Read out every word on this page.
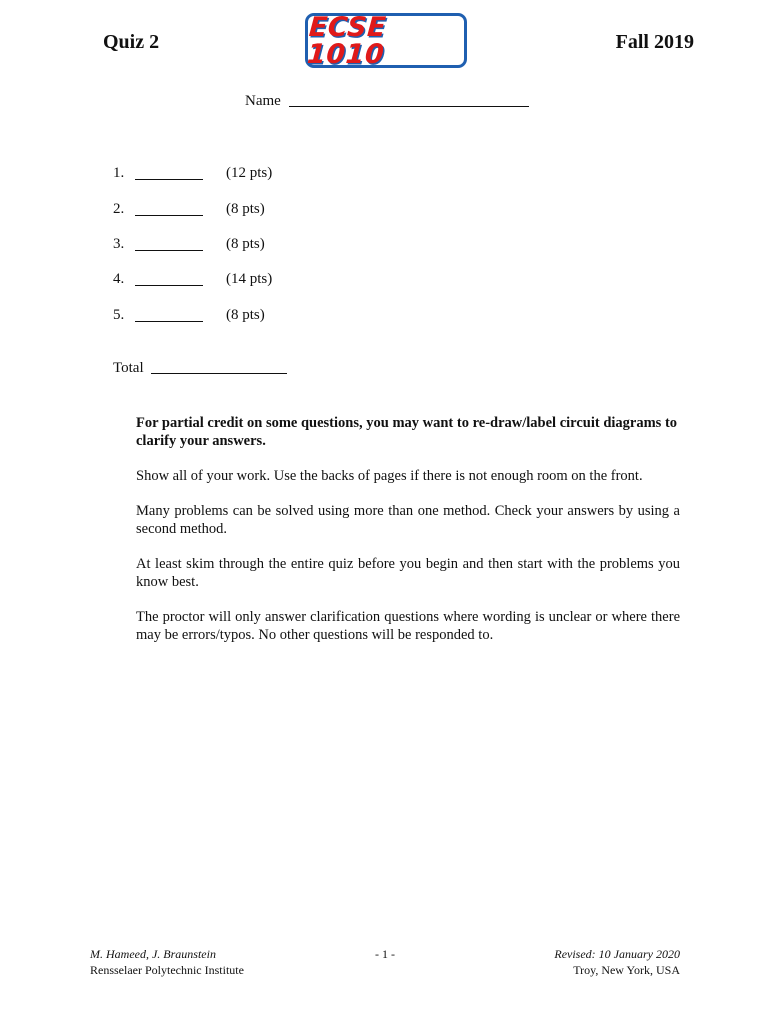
Quiz 2	ECSE 1010	Fall 2019
Name
1.	(12 pts)
2.	(8 pts)
3.	(8 pts)
4.	(14 pts)
5.	(8 pts)
Total

For partial credit on some questions, you may want to re-draw/label circuit diagrams to clarify your answers.

Show all of your work. Use the backs of pages if there is not enough room on the front.

Many problems can be solved using more than one method. Check your answers by using a second method.

At least skim through the entire quiz before you begin and then start with the problems you know best.

The proctor will only answer clarification questions where wording is unclear or where there may be errors/typos. No other questions will be responded to.

M. Hameed, J. Braunstein
Rensselaer Polytechnic Institute
- 1 -	Revised: 10 January 2020
Troy, New York, USA
